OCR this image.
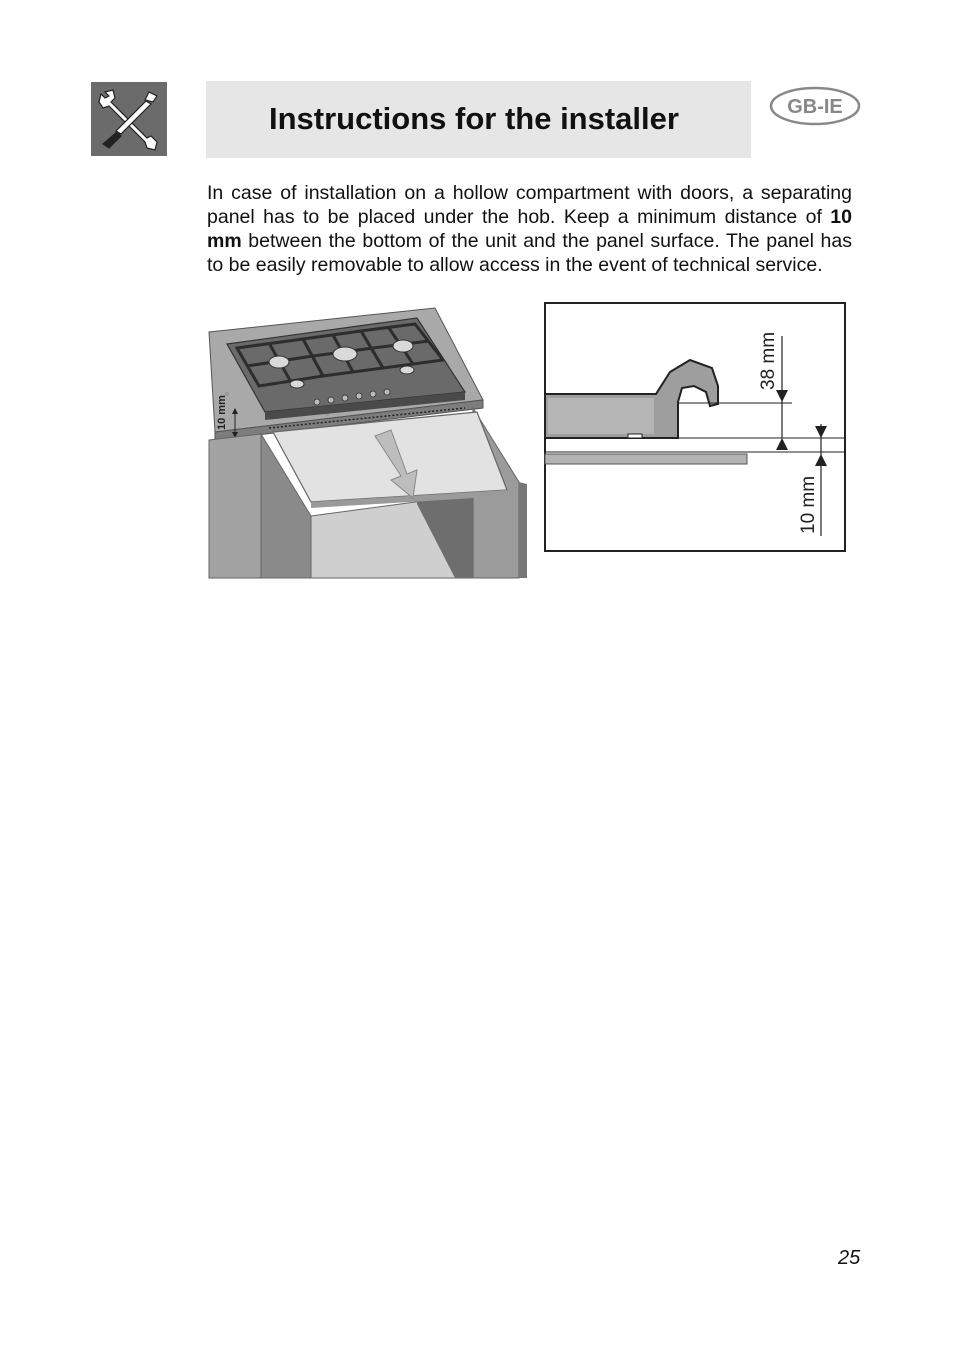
Instructions for the installer	GB-IE

In case of installation on a hollow compartment with doors, a separating panel has to be placed under the hob. Keep a minimum distance of 10 mm between the bottom of the unit and the panel surface. The panel has to be easily removable to allow access in the event of technical service.

10 mm
38 mm
10 mm
25
